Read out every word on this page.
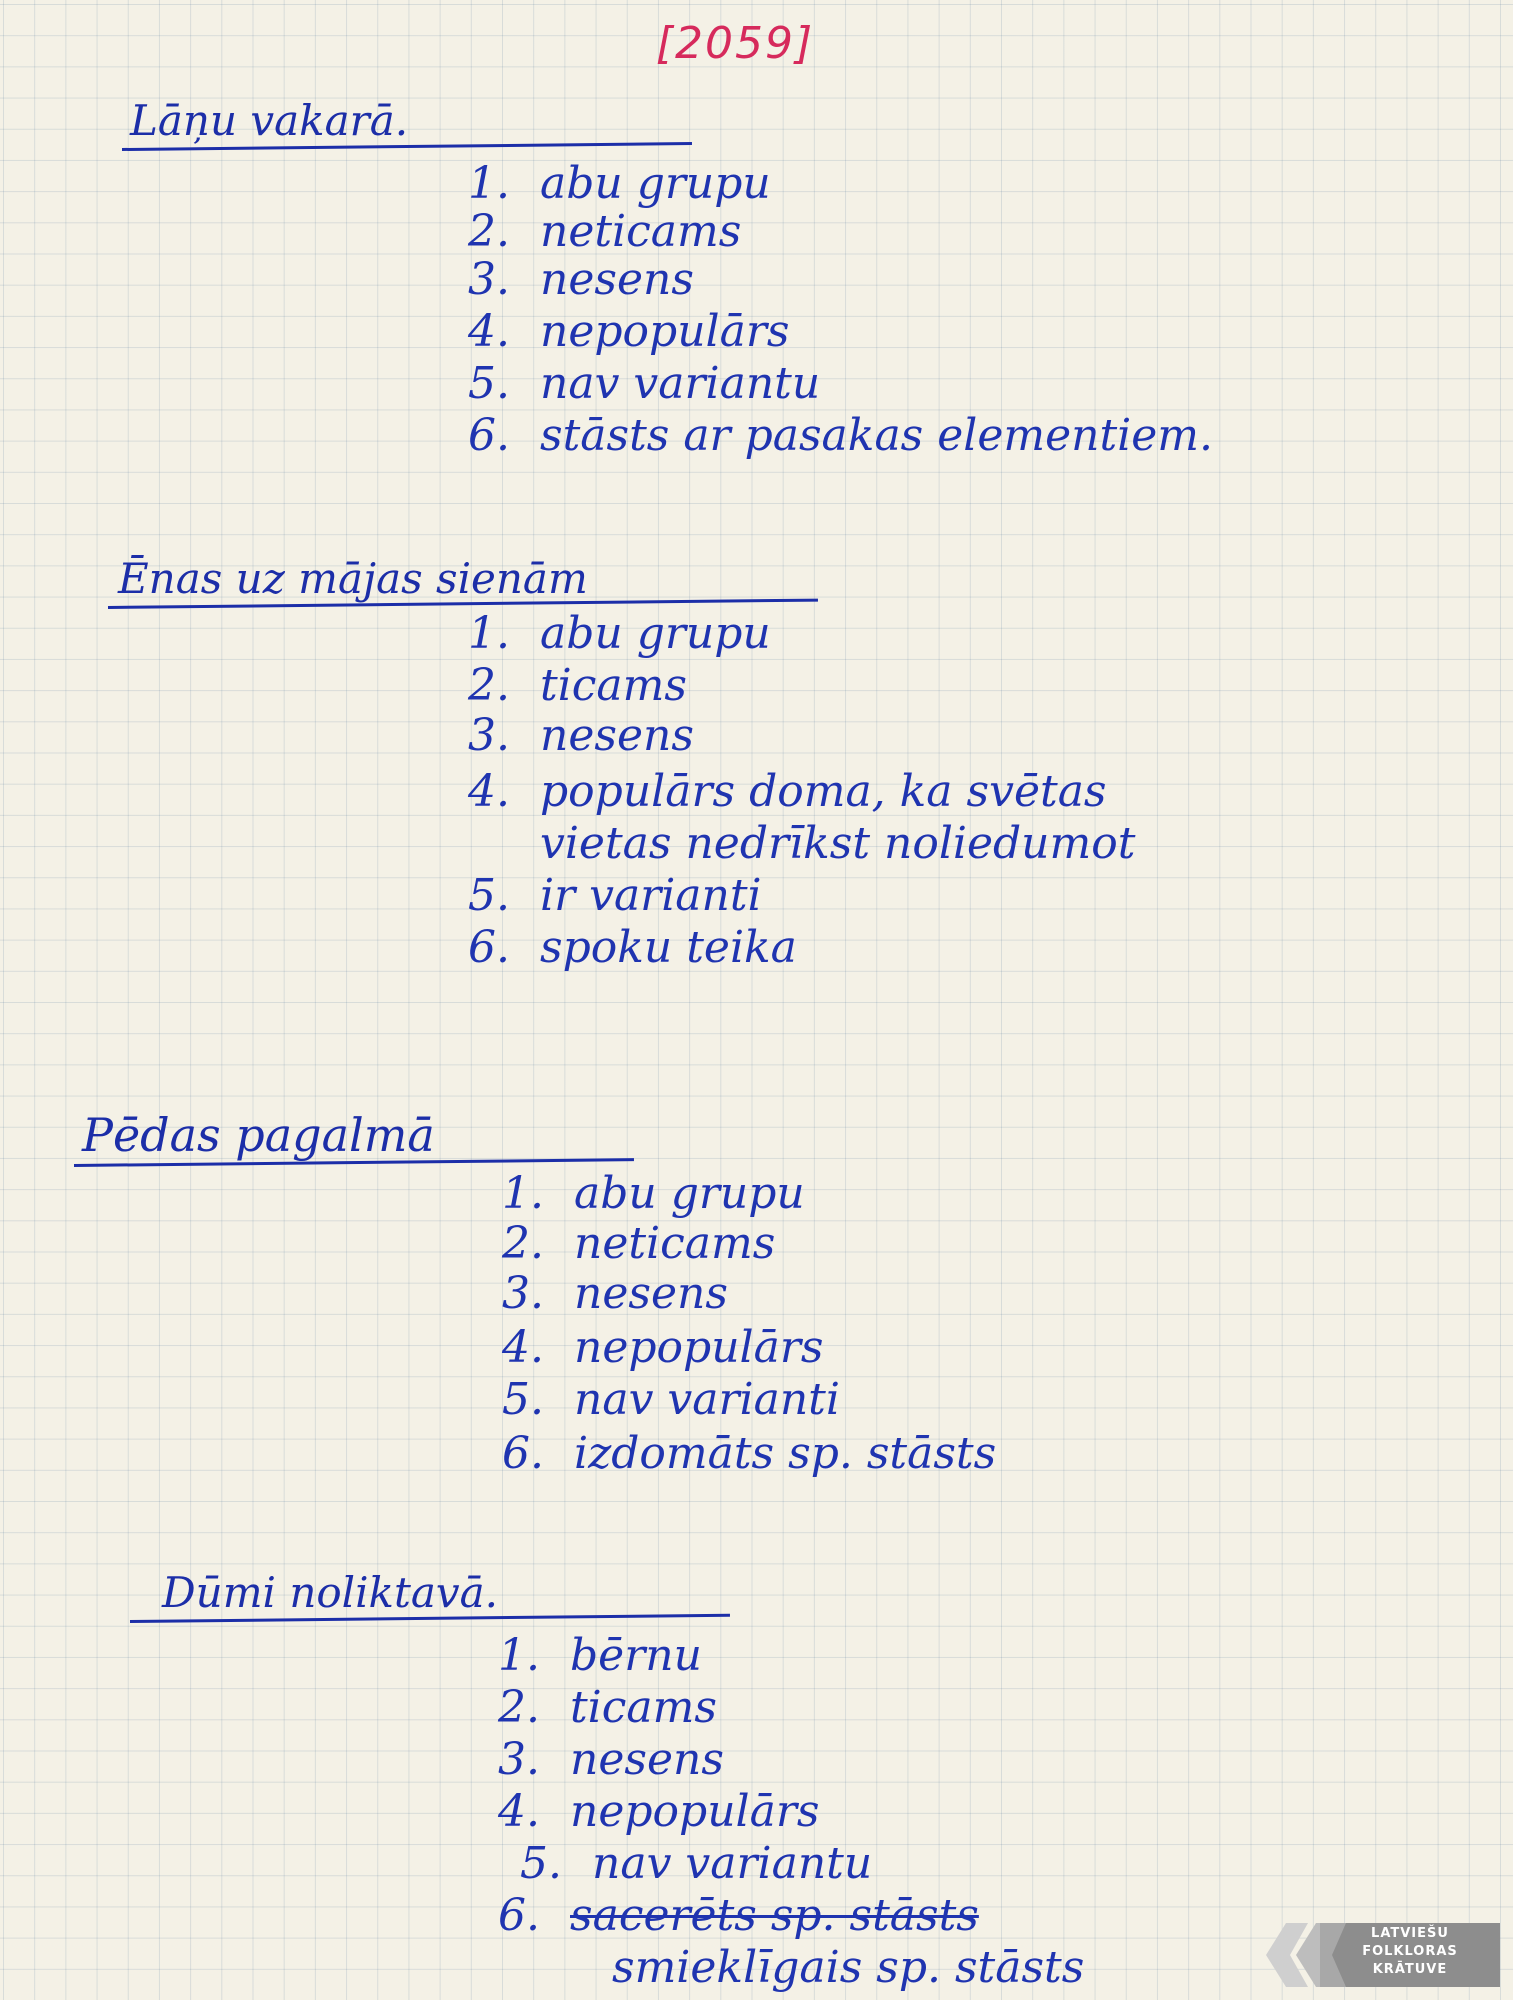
[2059]
Lāņu vakarā.
1. abu grupu
2. neticams
3. nesens
4. nepopulārs
5. nav variantu
6. stāsts ar pasakas elementiem.
Ēnas uz mājas sienām
1. abu grupu
2. ticams
3. nesens
4. populārs doma, ka svētas
vietas nedrīkst noliedumot
5. ir varianti
6. spoku teika
Pēdas pagalmā
1. abu grupu
2. neticams
3. nesens
4. nepopulārs
5. nav varianti
6. izdomāts sp. stāsts
Dūmi noliktavā.
1. bērnu
2. ticams
3. nesens
4. nepopulārs
5. nav variantu
6. sacerēts sp. stāsts
smieklīgais sp. stāsts
LATVIEŠU
FOLKLORAS
KRĀTUVE
